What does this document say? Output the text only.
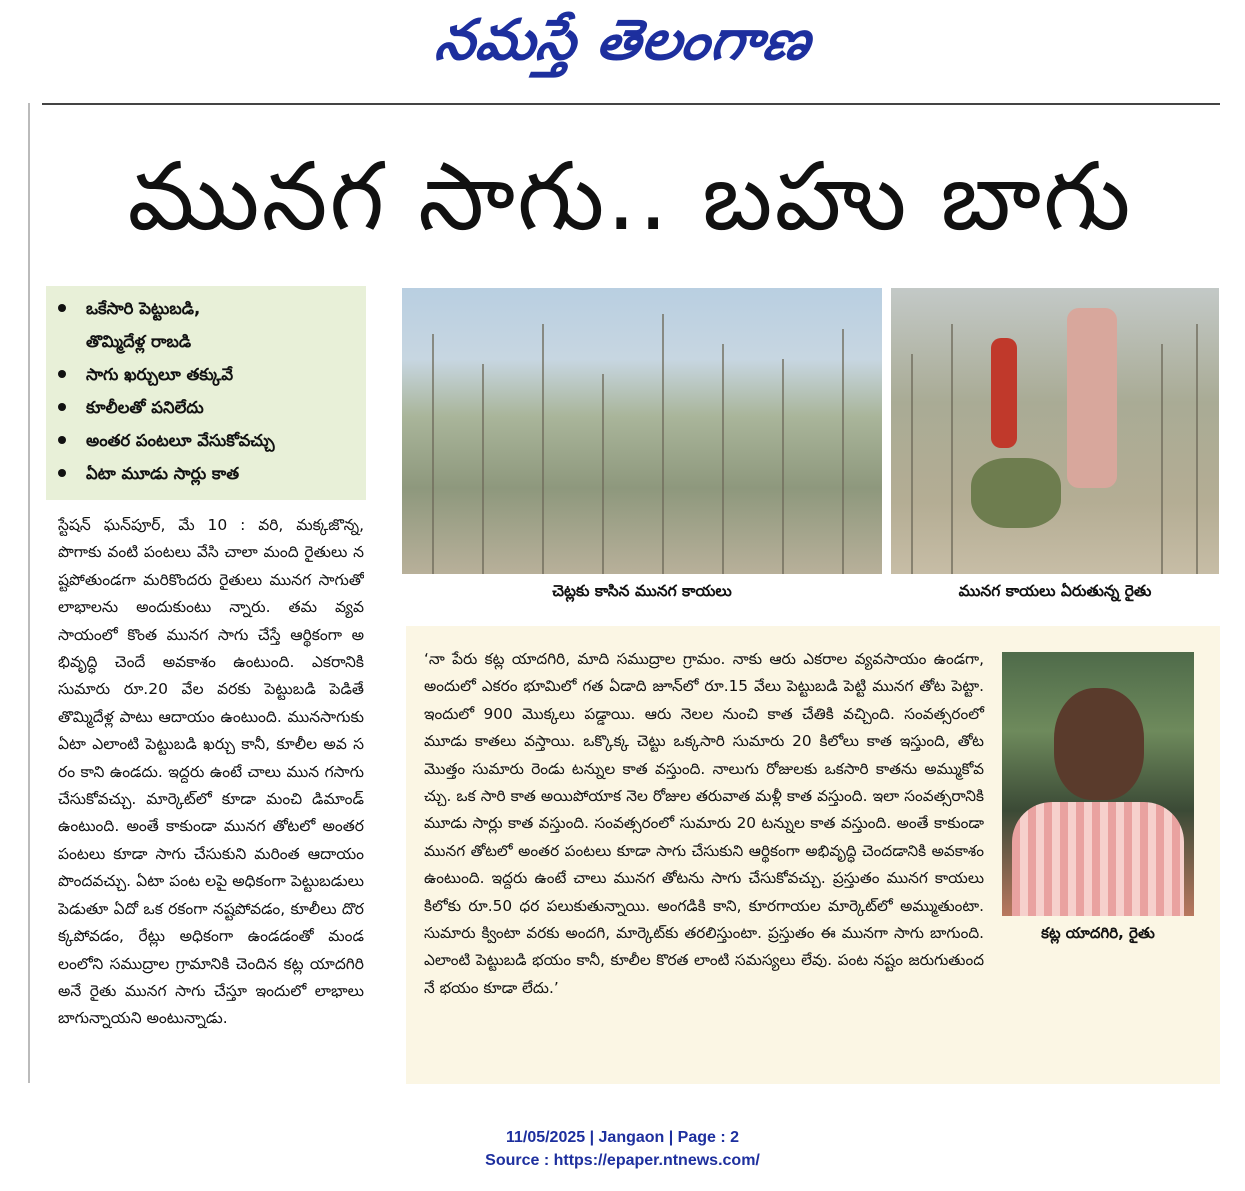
నమస్తే తెలంగాణ
మునగ సాగు.. బహు బాగు
ఒకేసారి పెట్టుబడి,
తొమ్మిదేళ్ల రాబడి
సాగు ఖర్చులూ తక్కువే
కూలీలతో పనిలేదు
అంతర పంటలూ వేసుకోవచ్చు
ఏటా మూడు సార్లు కాత
స్టేషన్ ఘన్‌పూర్, మే 10 : వరి, మక్కజొన్న, పొగాకు వంటి పంటలు వేసి చాలా మంది రైతులు నష్టపోతుండగా మరికొందరు రైతులు మునగ సాగుతో లాభాలను అందుకుంటు న్నారు. తమ వ్యవసాయంలో కొంత మునగ సాగు చేస్తే ఆర్థికంగా అభివృద్ధి చెందే అవకాశం ఉంటుంది. ఎకరానికి సుమారు రూ.20 వేల వరకు పెట్టుబడి పెడితే తొమ్మిదేళ్ల పాటు ఆదాయం ఉంటుంది. మునసాగుకు ఏటా ఎలాంటి పెట్టుబడి ఖర్చు కానీ, కూలీల అవ సరం కాని ఉండదు. ఇద్దరు ఉంటే చాలు మున గసాగు చేసుకోవచ్చు. మార్కెట్‌లో కూడా మంచి డిమాండ్ ఉంటుంది. అంతే కాకుండా మునగ తోటలో అంతర పంటలు కూడా సాగు చేసుకుని మరింత ఆదాయం పొందవచ్చు. ఏటా పంట లపై అధికంగా పెట్టుబడులు పెడుతూ ఏదో ఒక రకంగా నష్టపోవడం, కూలీలు దొరక్కపోవడం, రేట్లు అధికంగా ఉండడంతో మండలంలోని సముద్రాల గ్రామానికి చెందిన కట్ల యాదగిరి అనే రైతు మునగ సాగు చేస్తూ ఇందులో లాభాలు బాగున్నాయని అంటున్నాడు.
చెట్లకు కాసిన మునగ కాయలు	మునగ కాయలు ఏరుతున్న రైతు
‘నా పేరు కట్ల యాదగిరి, మాది సముద్రాల గ్రామం. నాకు ఆరు ఎకరాల వ్యవసాయం ఉండగా, అందులో ఎకరం భూమిలో గత ఏడాది జూన్‌లో రూ.15 వేలు పెట్టుబడి పెట్టి మునగ తోట పెట్టా. ఇందులో 900 మొక్కలు పడ్డాయి. ఆరు నెలల నుంచి కాత చేతికి వచ్చింది. సంవత్సరంలో మూడు కాతలు వస్తాయి. ఒక్కొక్క చెట్టు ఒక్కసారి సుమారు 20 కిలోలు కాత ఇస్తుంది, తోట మొత్తం సుమారు రెండు టన్నుల కాత వస్తుంది. నాలుగు రోజులకు ఒకసారి కాతను అమ్ముకోవచ్చు. ఒక సారి కాత అయిపోయాక నెల రోజుల తరువాత మళ్లీ కాత వస్తుంది. ఇలా సంవత్సరానికి మూడు సార్లు కాత వస్తుంది. సంవత్సరంలో సుమారు 20 టన్నుల కాత వస్తుంది. అంతే కాకుండా మునగ తోటలో అంతర పంటలు కూడా సాగు చేసుకుని ఆర్థికంగా అభివృద్ధి చెందడానికి అవకాశం ఉంటుంది. ఇద్దరు ఉంటే చాలు మునగ తోటను సాగు చేసుకోవచ్చు. ప్రస్తుతం మునగ కాయలు కిలోకు రూ.50 ధర పలుకుతున్నాయి. అంగడికి కాని, కూరగాయల మార్కెట్‌లో అమ్ముతుంటా. సుమారు క్వింటా వరకు అందగి, మార్కెట్‌కు తరలిస్తుంటా. ప్రస్తుతం ఈ మునగా సాగు బాగుంది. ఎలాంటి పెట్టుబడి భయం కానీ, కూలీల కొరత లాంటి సమస్యలు లేవు. పంట నష్టం జరుగుతుందనే భయం కూడా లేదు.’
కట్ల యాదగిరి, రైతు
11/05/2025 | Jangaon | Page : 2
Source : https://epaper.ntnews.com/
